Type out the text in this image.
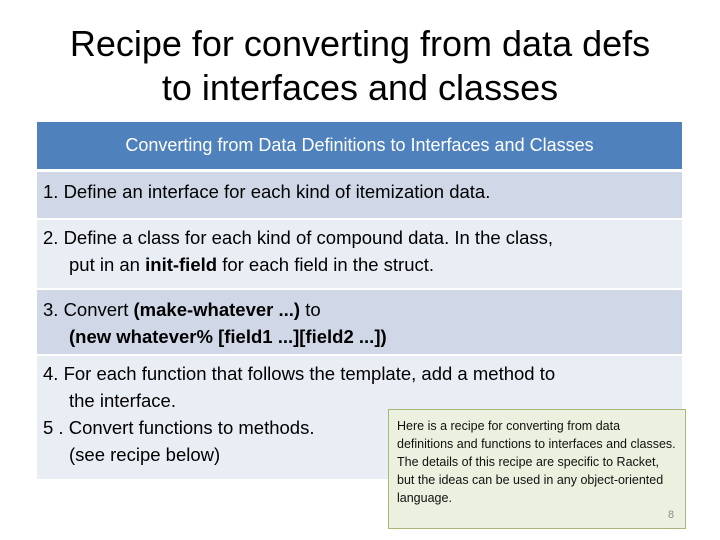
Recipe for converting from data defs
to interfaces and classes
Converting from Data Definitions to Interfaces and Classes
1. Define an interface for each kind of itemization data.
2. Define a class for each kind of compound data. In the class,
put in an init-field for each field in the struct.
3. Convert (make-whatever ...) to
(new whatever% [field1 ...][field2 ...])
4. For each function that follows the template, add a method to
the interface.
5 . Convert functions to methods.
(see recipe below)
Here is a recipe for converting from data definitions and functions to interfaces and classes. The details of this recipe are specific to Racket, but the ideas can be used in any object-oriented language.
8
